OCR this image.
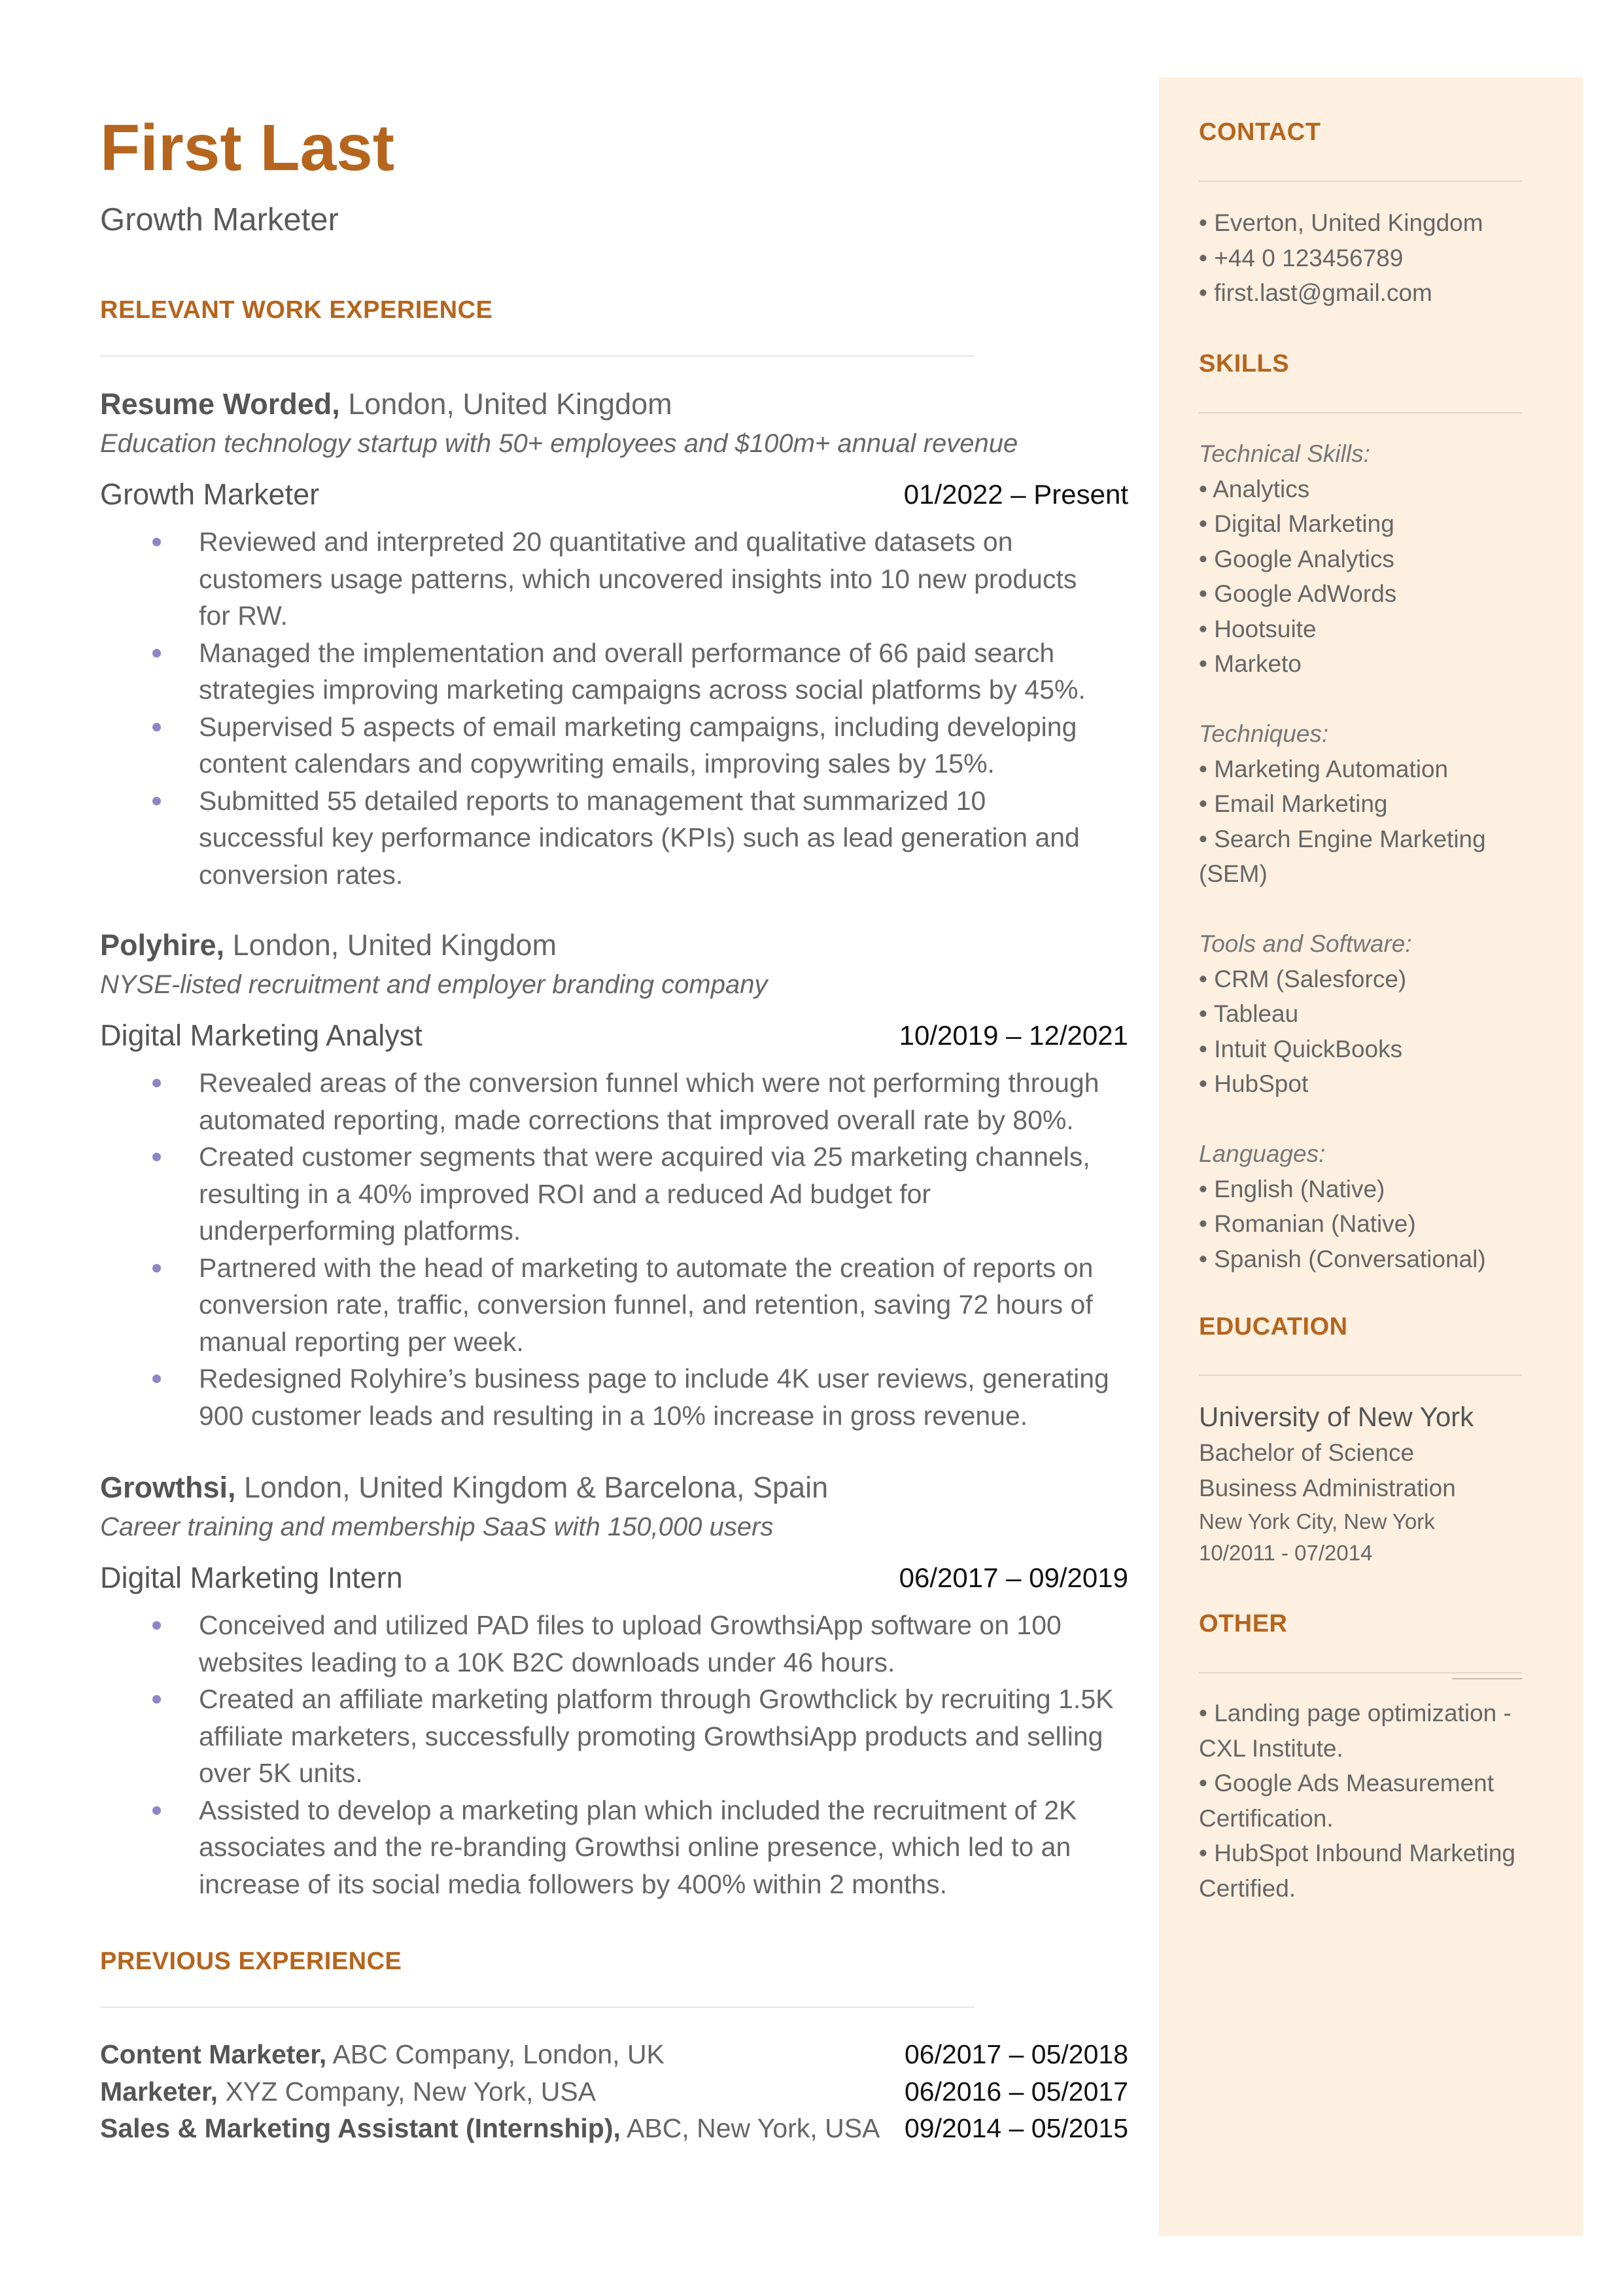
First Last
Growth Marketer
RELEVANT WORK EXPERIENCE
Resume Worded, London, United Kingdom
Education technology startup with 50+ employees and $100m+ annual revenue
Growth Marketer	01/2022 – Present
Reviewed and interpreted 20 quantitative and qualitative datasets on
customers usage patterns, which uncovered insights into 10 new products
for RW.
Managed the implementation and overall performance of 66 paid search
strategies improving marketing campaigns across social platforms by 45%.
Supervised 5 aspects of email marketing campaigns, including developing
content calendars and copywriting emails, improving sales by 15%.
Submitted 55 detailed reports to management that summarized 10
successful key performance indicators (KPIs) such as lead generation and
conversion rates.
Polyhire, London, United Kingdom
NYSE-listed recruitment and employer branding company
Digital Marketing Analyst	10/2019 – 12/2021
Revealed areas of the conversion funnel which were not performing through
automated reporting, made corrections that improved overall rate by 80%.
Created customer segments that were acquired via 25 marketing channels,
resulting in a 40% improved ROI and a reduced Ad budget for
underperforming platforms.
Partnered with the head of marketing to automate the creation of reports on
conversion rate, traffic, conversion funnel, and retention, saving 72 hours of
manual reporting per week.
Redesigned Rolyhire’s business page to include 4K user reviews, generating
900 customer leads and resulting in a 10% increase in gross revenue.
Growthsi, London, United Kingdom & Barcelona, Spain
Career training and membership SaaS with 150,000 users
Digital Marketing Intern	06/2017 – 09/2019
Conceived and utilized PAD files to upload GrowthsiApp software on 100
websites leading to a 10K B2C downloads under 46 hours.
Created an affiliate marketing platform through Growthclick by recruiting 1.5K
affiliate marketers, successfully promoting GrowthsiApp products and selling
over 5K units.
Assisted to develop a marketing plan which included the recruitment of 2K
associates and the re-branding Growthsi online presence, which led to an
increase of its social media followers by 400% within 2 months.
PREVIOUS EXPERIENCE
Content Marketer, ABC Company, London, UK	06/2017 – 05/2018
Marketer, XYZ Company, New York, USA	06/2016 – 05/2017
Sales & Marketing Assistant (Internship), ABC, New York, USA 09/2014 – 05/2015
CONTACT
• Everton, United Kingdom
• +44 0 123456789
• first.last@gmail.com
SKILLS
Technical Skills:
• Analytics
• Digital Marketing
• Google Analytics
• Google AdWords
• Hootsuite
• Marketo
Techniques:
• Marketing Automation
• Email Marketing
• Search Engine Marketing
(SEM)
Tools and Software:
• CRM (Salesforce)
• Tableau
• Intuit QuickBooks
• HubSpot
Languages:
• English (Native)
• Romanian (Native)
• Spanish (Conversational)
EDUCATION
University of New York
Bachelor of Science
Business Administration
New York City, New York
10/2011 - 07/2014
OTHER
• Landing page optimization -
CXL Institute.
• Google Ads Measurement
Certification.
• HubSpot Inbound Marketing
Certified.
